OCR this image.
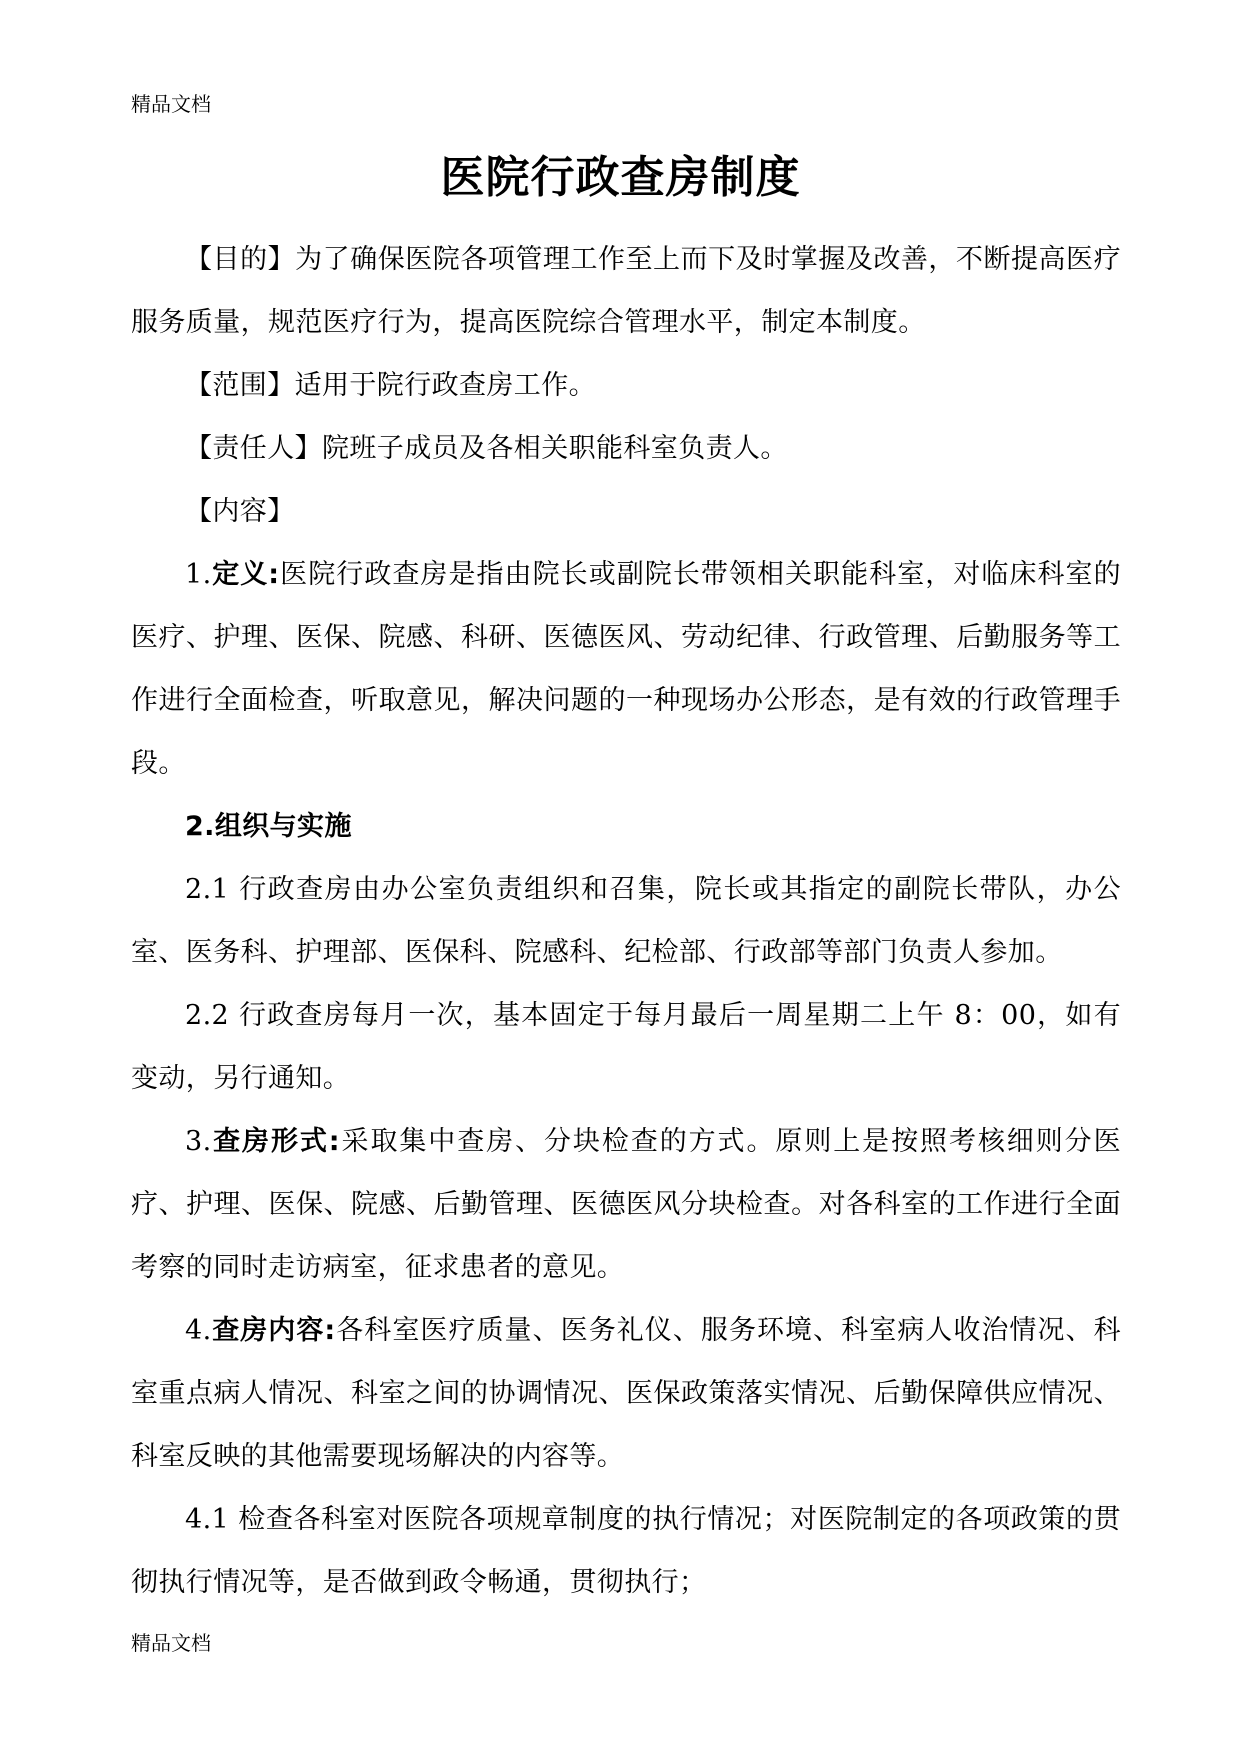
精品文档
医院行政查房制度

【目的】为了确保医院各项管理工作至上而下及时掌握及改善，不断提高医疗服务质量，规范医疗行为，提高医院综合管理水平，制定本制度。

【范围】适用于院行政查房工作。

【责任人】院班子成员及各相关职能科室负责人。

【内容】

1.定义:医院行政查房是指由院长或副院长带领相关职能科室，对临床科室的医疗、护理、医保、院感、科研、医德医风、劳动纪律、行政管理、后勤服务等工作进行全面检查，听取意见，解决问题的一种现场办公形态，是有效的行政管理手段。

2.组织与实施

2.1 行政查房由办公室负责组织和召集，院长或其指定的副院长带队，办公室、医务科、护理部、医保科、院感科、纪检部、行政部等部门负责人参加。

2.2 行政查房每月一次，基本固定于每月最后一周星期二上午 8：00，如有变动，另行通知。

3.查房形式:采取集中查房、分块检查的方式。原则上是按照考核细则分医疗、护理、医保、院感、后勤管理、医德医风分块检查。对各科室的工作进行全面考察的同时走访病室，征求患者的意见。

4.查房内容:各科室医疗质量、医务礼仪、服务环境、科室病人收治情况、科室重点病人情况、科室之间的协调情况、医保政策落实情况、后勤保障供应情况、科室反映的其他需要现场解决的内容等。

4.1 检查各科室对医院各项规章制度的执行情况；对医院制定的各项政策的贯彻执行情况等，是否做到政令畅通，贯彻执行；

精品文档
